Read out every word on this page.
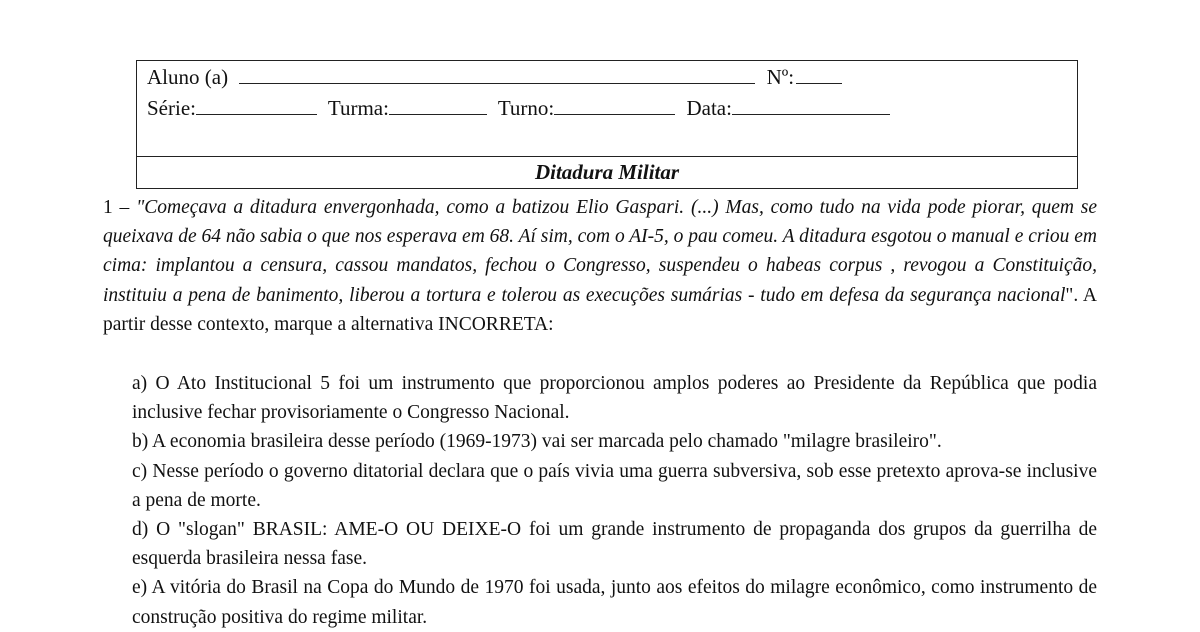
Aluno (a)	Nº:
Série:	Turma:	Turno:	Data:
Ditadura Militar
1 – "Começava a ditadura envergonhada, como a batizou Elio Gaspari. (...) Mas, como tudo na vida pode piorar, quem se queixava de 64 não sabia o que nos esperava em 68. Aí sim, com o AI-5, o pau comeu. A ditadura esgotou o manual e criou em cima: implantou a censura, cassou mandatos, fechou o Congresso, suspendeu o habeas corpus , revogou a Constituição, instituiu a pena de banimento, liberou a tortura e tolerou as execuções sumárias - tudo em defesa da segurança nacional". A partir desse contexto, marque a alternativa INCORRETA:

a) O Ato Institucional 5 foi um instrumento que proporcionou amplos poderes ao Presidente da República que podia inclusive fechar provisoriamente o Congresso Nacional.

b) A economia brasileira desse período (1969-1973) vai ser marcada pelo chamado "milagre brasileiro".

c) Nesse período o governo ditatorial declara que o país vivia uma guerra subversiva, sob esse pretexto aprova-se inclusive a pena de morte.

d) O "slogan" BRASIL: AME-O OU DEIXE-O foi um grande instrumento de propaganda dos grupos da guerrilha de esquerda brasileira nessa fase.

e) A vitória do Brasil na Copa do Mundo de 1970 foi usada, junto aos efeitos do milagre econômico, como instrumento de construção positiva do regime militar.
